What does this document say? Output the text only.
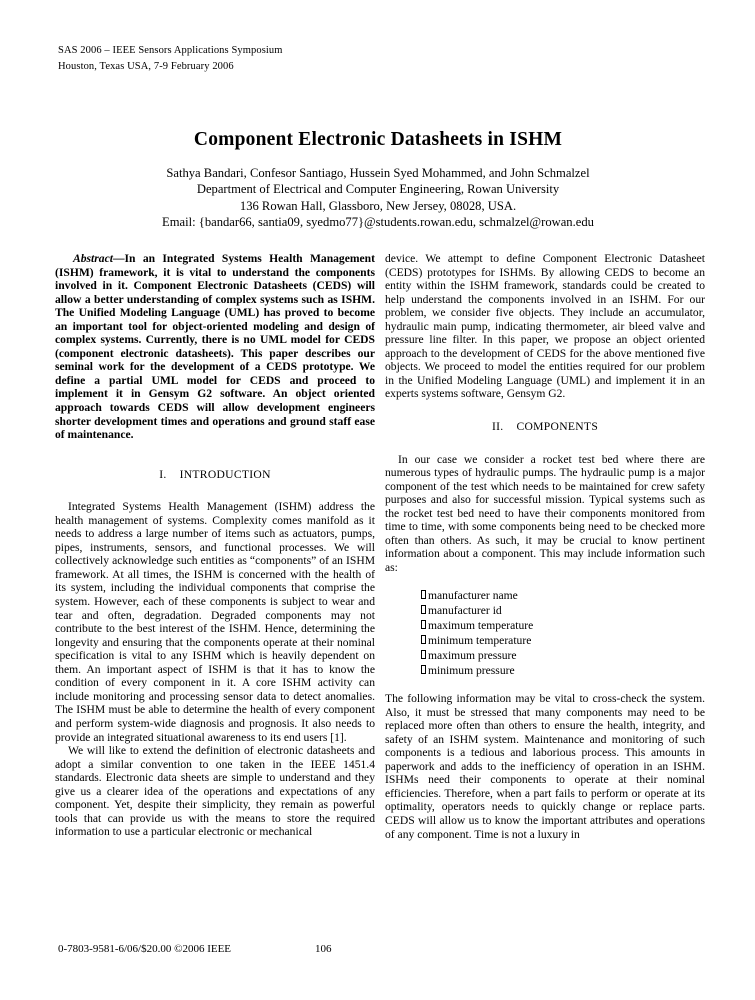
SAS 2006 – IEEE Sensors Applications Symposium
Houston, Texas USA, 7-9 February 2006
Component Electronic Datasheets in ISHM
Sathya Bandari, Confesor Santiago, Hussein Syed Mohammed, and John Schmalzel
Department of Electrical and Computer Engineering, Rowan University
136 Rowan Hall, Glassboro, New Jersey, 08028, USA.
Email: {bandar66, santia09, syedmo77}@students.rowan.edu, schmalzel@rowan.edu

Abstract—In an Integrated Systems Health Management (ISHM) framework, it is vital to understand the components involved in it. Component Electronic Datasheets (CEDS) will allow a better understanding of complex systems such as ISHM. The Unified Modeling Language (UML) has proved to become an important tool for object-oriented modeling and design of complex systems. Currently, there is no UML model for CEDS (component electronic datasheets). This paper describes our seminal work for the development of a CEDS prototype. We define a partial UML model for CEDS and proceed to implement it in Gensym G2 software. An object oriented approach towards CEDS will allow development engineers shorter development times and operations and ground staff ease of maintenance.

I. INTRODUCTION

Integrated Systems Health Management (ISHM) address the health management of systems. Complexity comes manifold as it needs to address a large number of items such as actuators, pumps, pipes, instruments, sensors, and functional processes. We will collectively acknowledge such entities as “components” of an ISHM framework. At all times, the ISHM is concerned with the health of its system, including the individual components that comprise the system. However, each of these components is subject to wear and tear and often, degradation. Degraded components may not contribute to the best interest of the ISHM. Hence, determining the longevity and ensuring that the components operate at their nominal specification is vital to any ISHM which is heavily dependent on them. An important aspect of ISHM is that it has to know the condition of every component in it. A core ISHM activity can include monitoring and processing sensor data to detect anomalies. The ISHM must be able to determine the health of every component and perform system-wide diagnosis and prognosis. It also needs to provide an integrated situational awareness to its end users [1].

We will like to extend the definition of electronic datasheets and adopt a similar convention to one taken in the IEEE 1451.4 standards. Electronic data sheets are simple to understand and they give us a clearer idea of the operations and expectations of any component. Yet, despite their simplicity, they remain as powerful tools that can provide us with the means to store the required information to use a particular electronic or mechanical

device. We attempt to define Component Electronic Datasheet (CEDS) prototypes for ISHMs. By allowing CEDS to become an entity within the ISHM framework, standards could be created to help understand the components involved in an ISHM. For our problem, we consider five objects. They include an accumulator, hydraulic main pump, indicating thermometer, air bleed valve and pressure line filter. In this paper, we propose an object oriented approach to the development of CEDS for the above mentioned five objects. We proceed to model the entities required for our problem in the Unified Modeling Language (UML) and implement it in an experts systems software, Gensym G2.

II. COMPONENTS

In our case we consider a rocket test bed where there are numerous types of hydraulic pumps. The hydraulic pump is a major component of the test which needs to be maintained for crew safety purposes and also for successful mission. Typical systems such as the rocket test bed need to have their components monitored from time to time, with some components being need to be checked more often than others. As such, it may be crucial to know pertinent information about a component. This may include information such as:

manufacturer name
manufacturer id
maximum temperature
minimum temperature
maximum pressure
minimum pressure

The following information may be vital to cross-check the system. Also, it must be stressed that many components may need to be replaced more often than others to ensure the health, integrity, and safety of an ISHM system. Maintenance and monitoring of such components is a tedious and laborious process. This amounts in paperwork and adds to the inefficiency of operation in an ISHM. ISHMs need their components to operate at their nominal efficiencies. Therefore, when a part fails to perform or operate at its optimality, operators needs to quickly change or replace parts. CEDS will allow us to know the important attributes and operations of any component. Time is not a luxury in

0-7803-9581-6/06/$20.00 ©2006 IEEE	106
